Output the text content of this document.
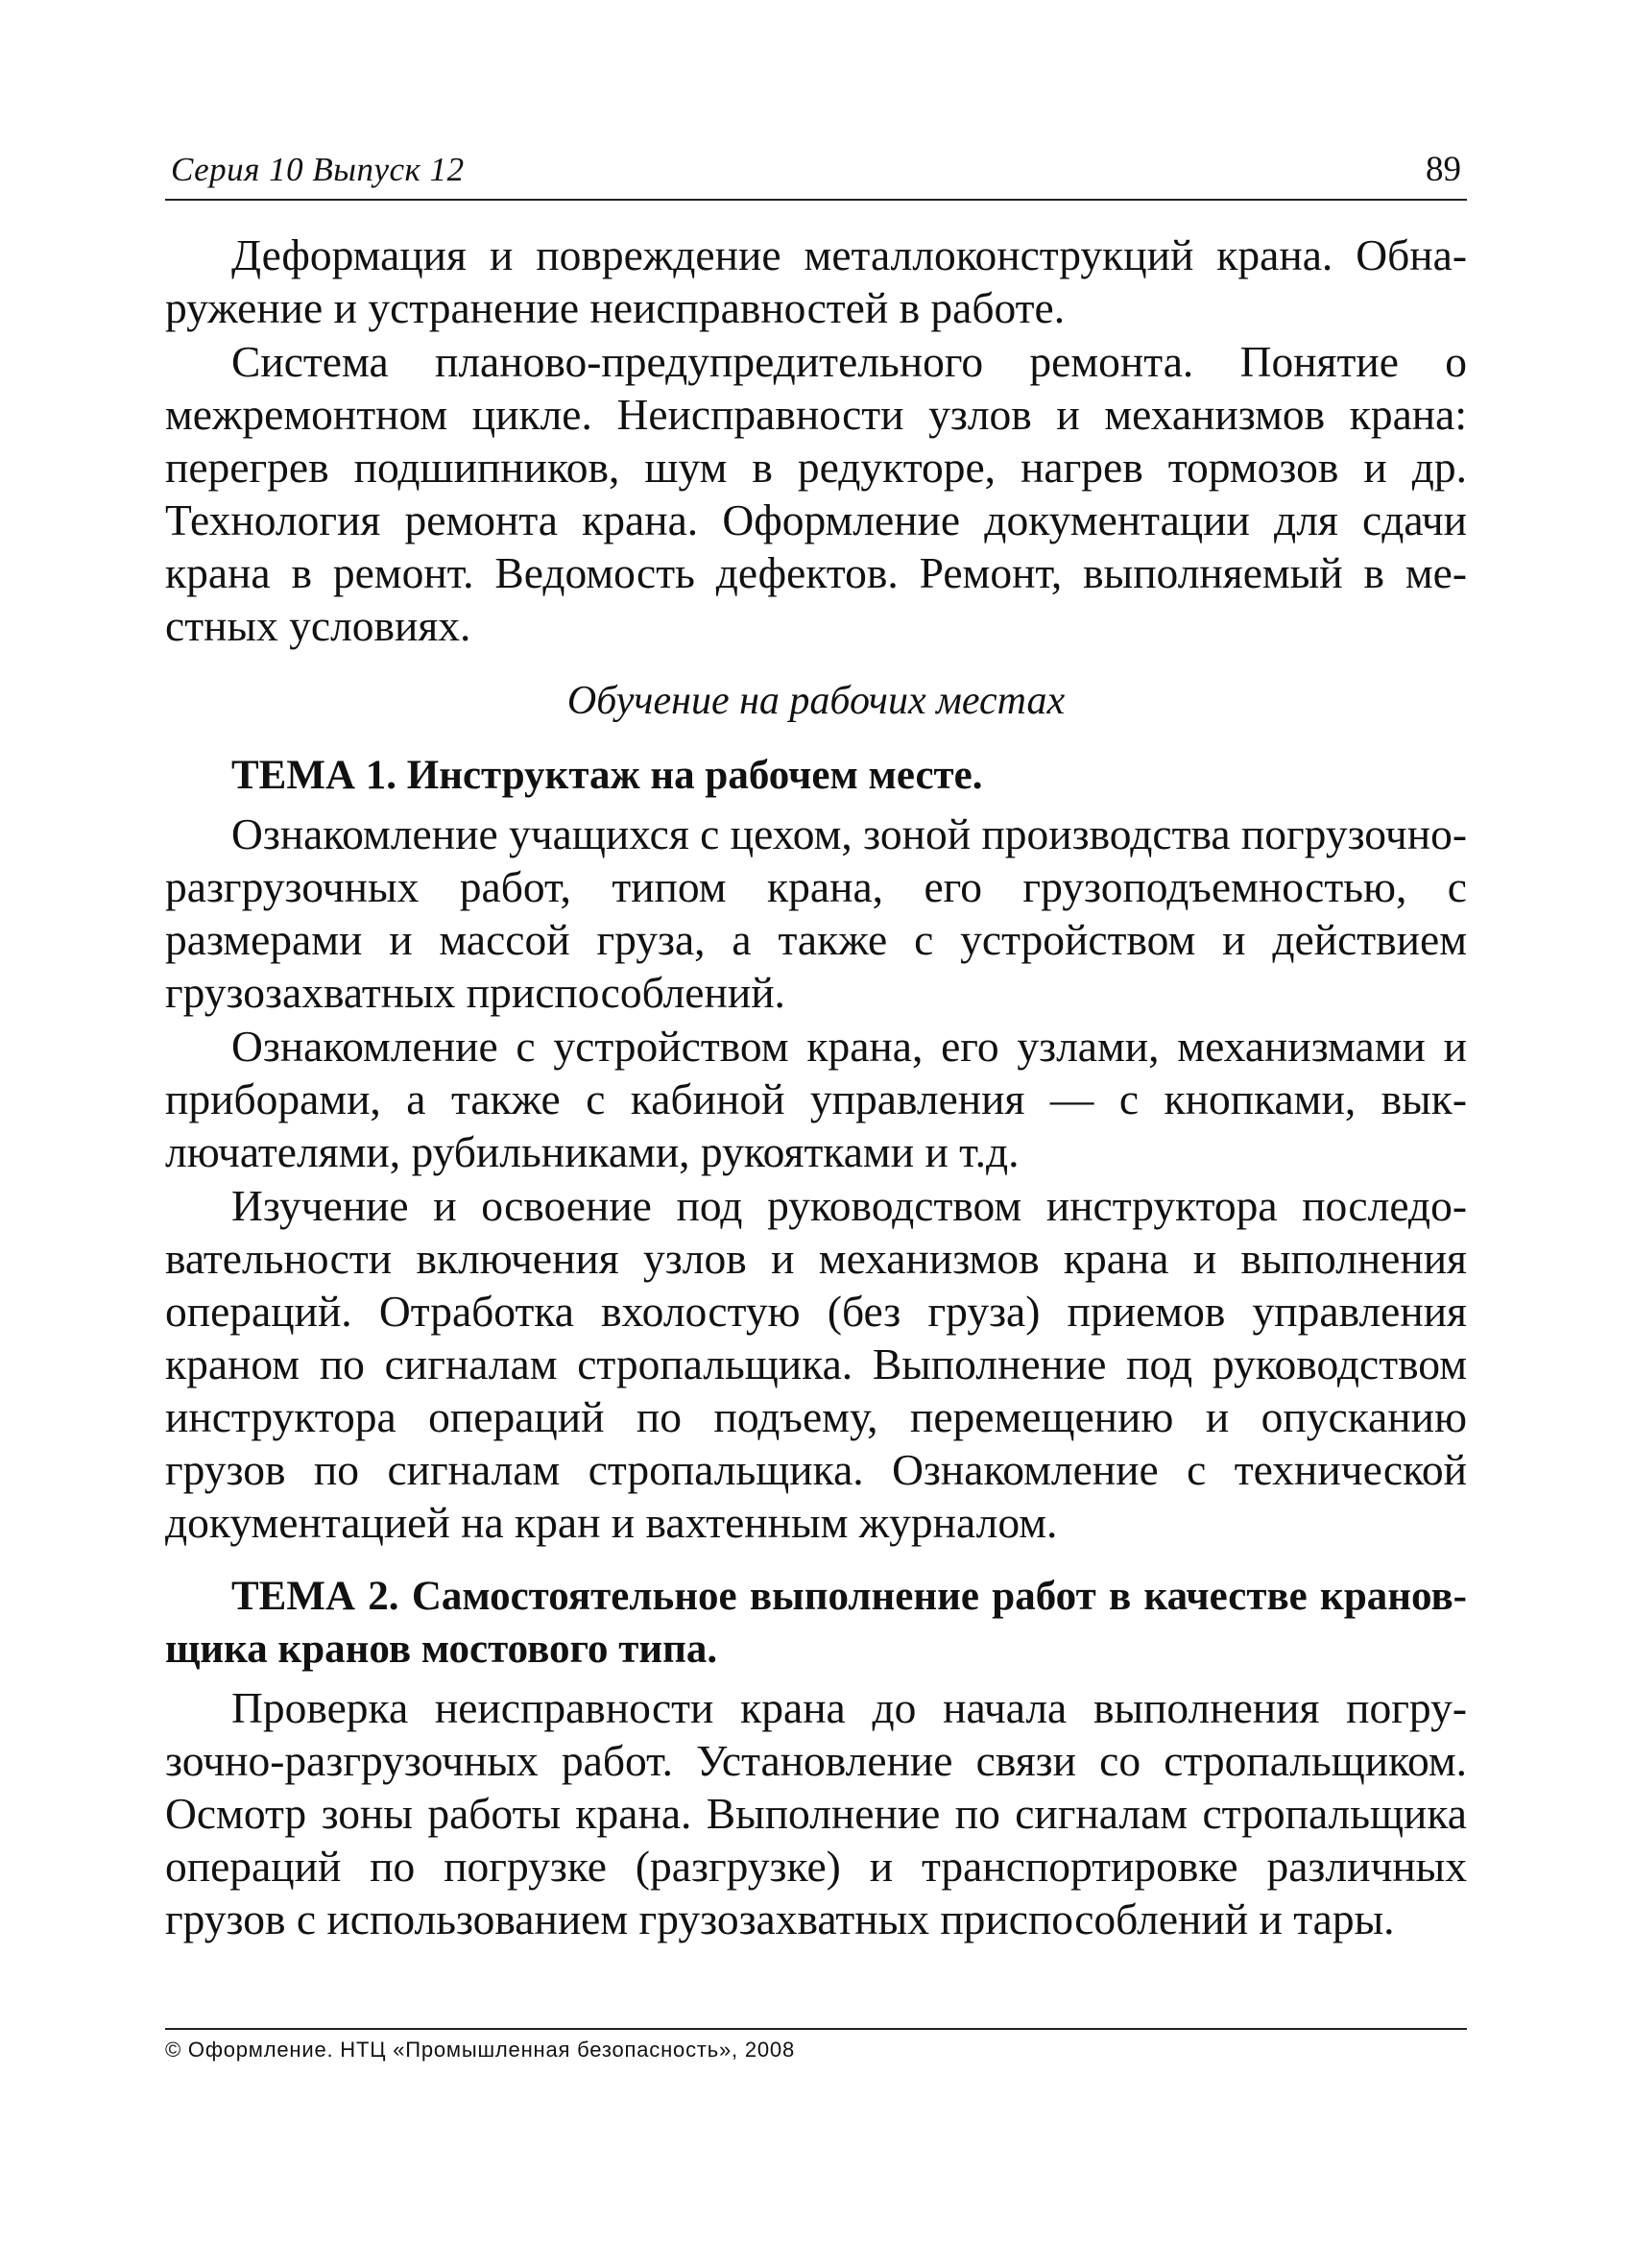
Серия 10 Выпуск 12	89

Деформация и повреждение металлоконструкций крана. Обнаружение и устранение неисправностей в работе.

Система планово-предупредительного ремонта. Понятие о межремонтном цикле. Неисправности узлов и механизмов крана: перегрев подшипников, шум в редукторе, нагрев тормозов и др. Технология ремонта крана. Оформление документации для сдачи крана в ремонт. Ведомость дефектов. Ремонт, выполняемый в местных условиях.

Обучение на рабочих местах
ТЕМА 1. Инструктаж на рабочем месте.

Ознакомление учащихся с цехом, зоной производства погрузочно-разгрузочных работ, типом крана, его грузоподъемностью, с размерами и массой груза, а также с устройством и действием грузозахватных приспособлений.

Ознакомление с устройством крана, его узлами, механизмами и приборами, а также с кабиной управления — с кнопками, выключателями, рубильниками, рукоятками и т.д.

Изучение и освоение под руководством инструктора последовательности включения узлов и механизмов крана и выполнения операций. Отработка вхолостую (без груза) приемов управления краном по сигналам стропальщика. Выполнение под руководством инструктора операций по подъему, перемещению и опусканию грузов по сигналам стропальщика. Ознакомление с технической документацией на кран и вахтенным журналом.

ТЕМА 2. Самостоятельное выполнение работ в качестве крановщика кранов мостового типа.

Проверка неисправности крана до начала выполнения погрузочно-разгрузочных работ. Установление связи со стропальщиком. Осмотр зоны работы крана. Выполнение по сигналам стропальщика операций по погрузке (разгрузке) и транспортировке различных грузов с использованием грузозахватных приспособлений и тары.

© Оформление. НТЦ «Промышленная безопасность», 2008
